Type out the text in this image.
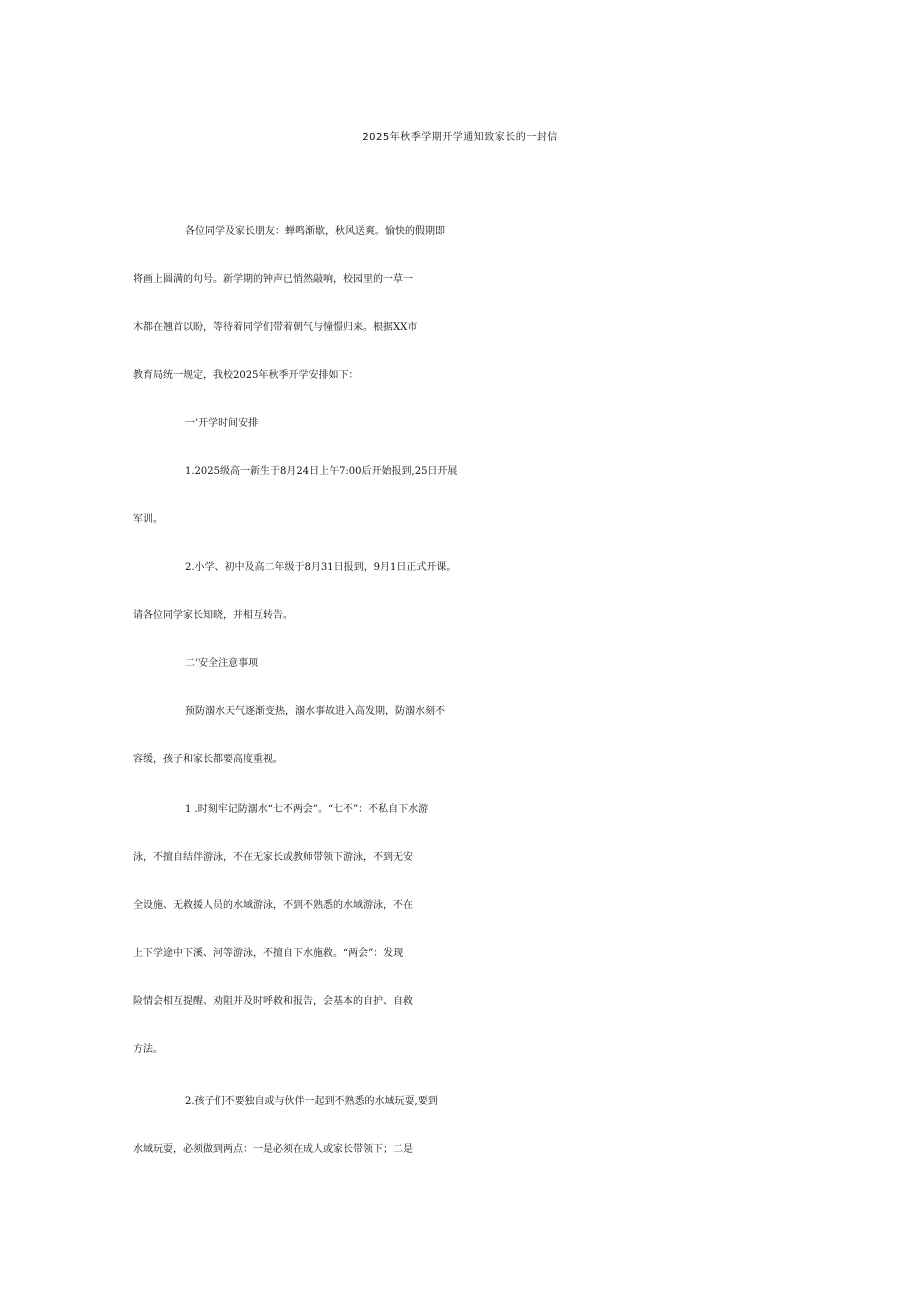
2025年秋季学期开学通知致家长的一封信

各位同学及家长朋友：蝉鸣渐歇，秋风送爽。愉快的假期即

将画上圆满的句号。新学期的钟声已悄然敲响，校园里的一草一

木都在翘首以盼，等待着同学们带着朝气与憧憬归来。根据XX市

教育局统一规定，我校2025年秋季开学安排如下：

一’开学时间安排

1.2025级高一新生于8月24日上午7:00后开始报到,25日开展

军训。

2.小学、初中及高二年级于8月31日报到，9月1日正式开课。

请各位同学家长知晓，并相互转告。

二’安全注意事项

预防溺水天气逐渐变热，溺水事故进入高发期，防溺水刻不

容缓，孩子和家长都要高度重视。

1 .时刻牢记防溺水“七不两会”。“七不”：不私自下水游

泳，不擅自结伴游泳，不在无家长或教师带领下游泳，不到无安

全设施、无救援人员的水域游泳，不到不熟悉的水域游泳，不在

上下学途中下溪、河等游泳，不擅自下水施救。“两会”：发现

险情会相互提醒、劝阻并及时呼救和报告，会基本的自护、自救

方法。

2.孩子们不要独自或与伙伴一起到不熟悉的水域玩耍,要到

水域玩耍，必须做到两点：一是必须在成人或家长带领下；二是
